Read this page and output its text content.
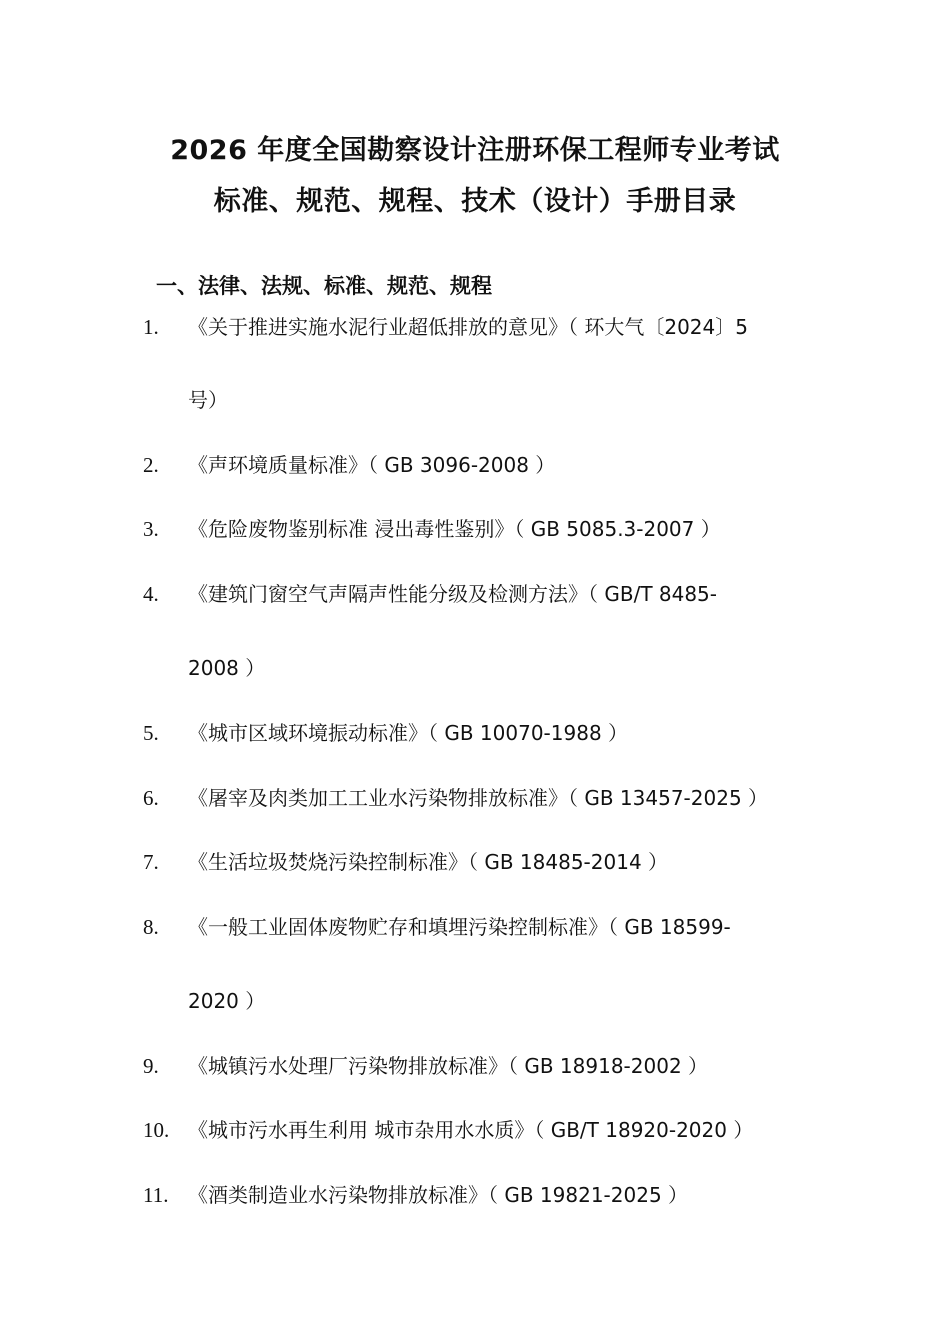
2026 年度全国勘察设计注册环保工程师专业考试
标准、规范、规程、技术（设计）手册目录
一、法律、法规、标准、规范、规程
1. 《关于推进实施水泥行业超低排放的意见》（ 环大气〔2024〕5
号）
2. 《声环境质量标准》（ GB 3096-2008 ）
3. 《危险废物鉴别标准 浸出毒性鉴别》（ GB 5085.3-2007 ）
4. 《建筑门窗空气声隔声性能分级及检测方法》（ GB/T 8485-
2008 ）
5. 《城市区域环境振动标准》（ GB 10070-1988 ）
6. 《屠宰及肉类加工工业水污染物排放标准》（ GB 13457-2025 ）
7. 《生活垃圾焚烧污染控制标准》（ GB 18485-2014 ）
8. 《一般工业固体废物贮存和填埋污染控制标准》（ GB 18599-
2020 ）
9. 《城镇污水处理厂污染物排放标准》（ GB 18918-2002 ）
10. 《城市污水再生利用 城市杂用水水质》（ GB/T 18920-2020 ）
11. 《酒类制造业水污染物排放标准》（ GB 19821-2025 ）
